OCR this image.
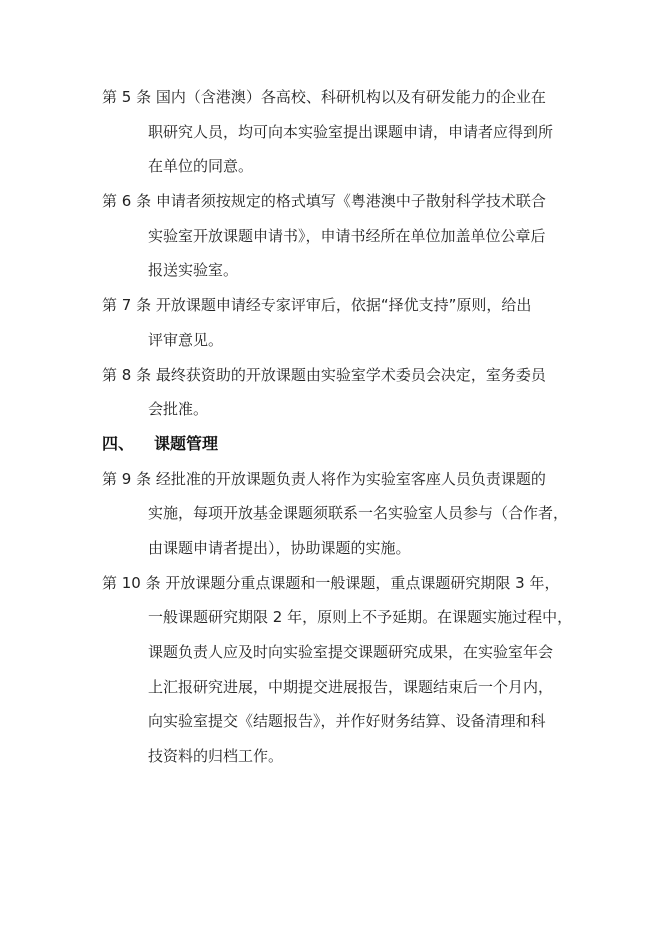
第 5 条 国内（含港澳）各高校、科研机构以及有研发能力的企业在
职研究人员，均可向本实验室提出课题申请，申请者应得到所
在单位的同意。
第 6 条 申请者须按规定的格式填写《粤港澳中子散射科学技术联合
实验室开放课题申请书》，申请书经所在单位加盖单位公章后
报送实验室。
第 7 条 开放课题申请经专家评审后，依据“择优支持”原则，给出
评审意见。
第 8 条 最终获资助的开放课题由实验室学术委员会决定，室务委员
会批准。
四、 课题管理
第 9 条 经批准的开放课题负责人将作为实验室客座人员负责课题的
实施，每项开放基金课题须联系一名实验室人员参与（合作者，
由课题申请者提出），协助课题的实施。
第 10 条 开放课题分重点课题和一般课题，重点课题研究期限 3 年，
一般课题研究期限 2 年，原则上不予延期。在课题实施过程中，
课题负责人应及时向实验室提交课题研究成果，在实验室年会
上汇报研究进展，中期提交进展报告，课题结束后一个月内，
向实验室提交《结题报告》，并作好财务结算、设备清理和科
技资料的归档工作。
